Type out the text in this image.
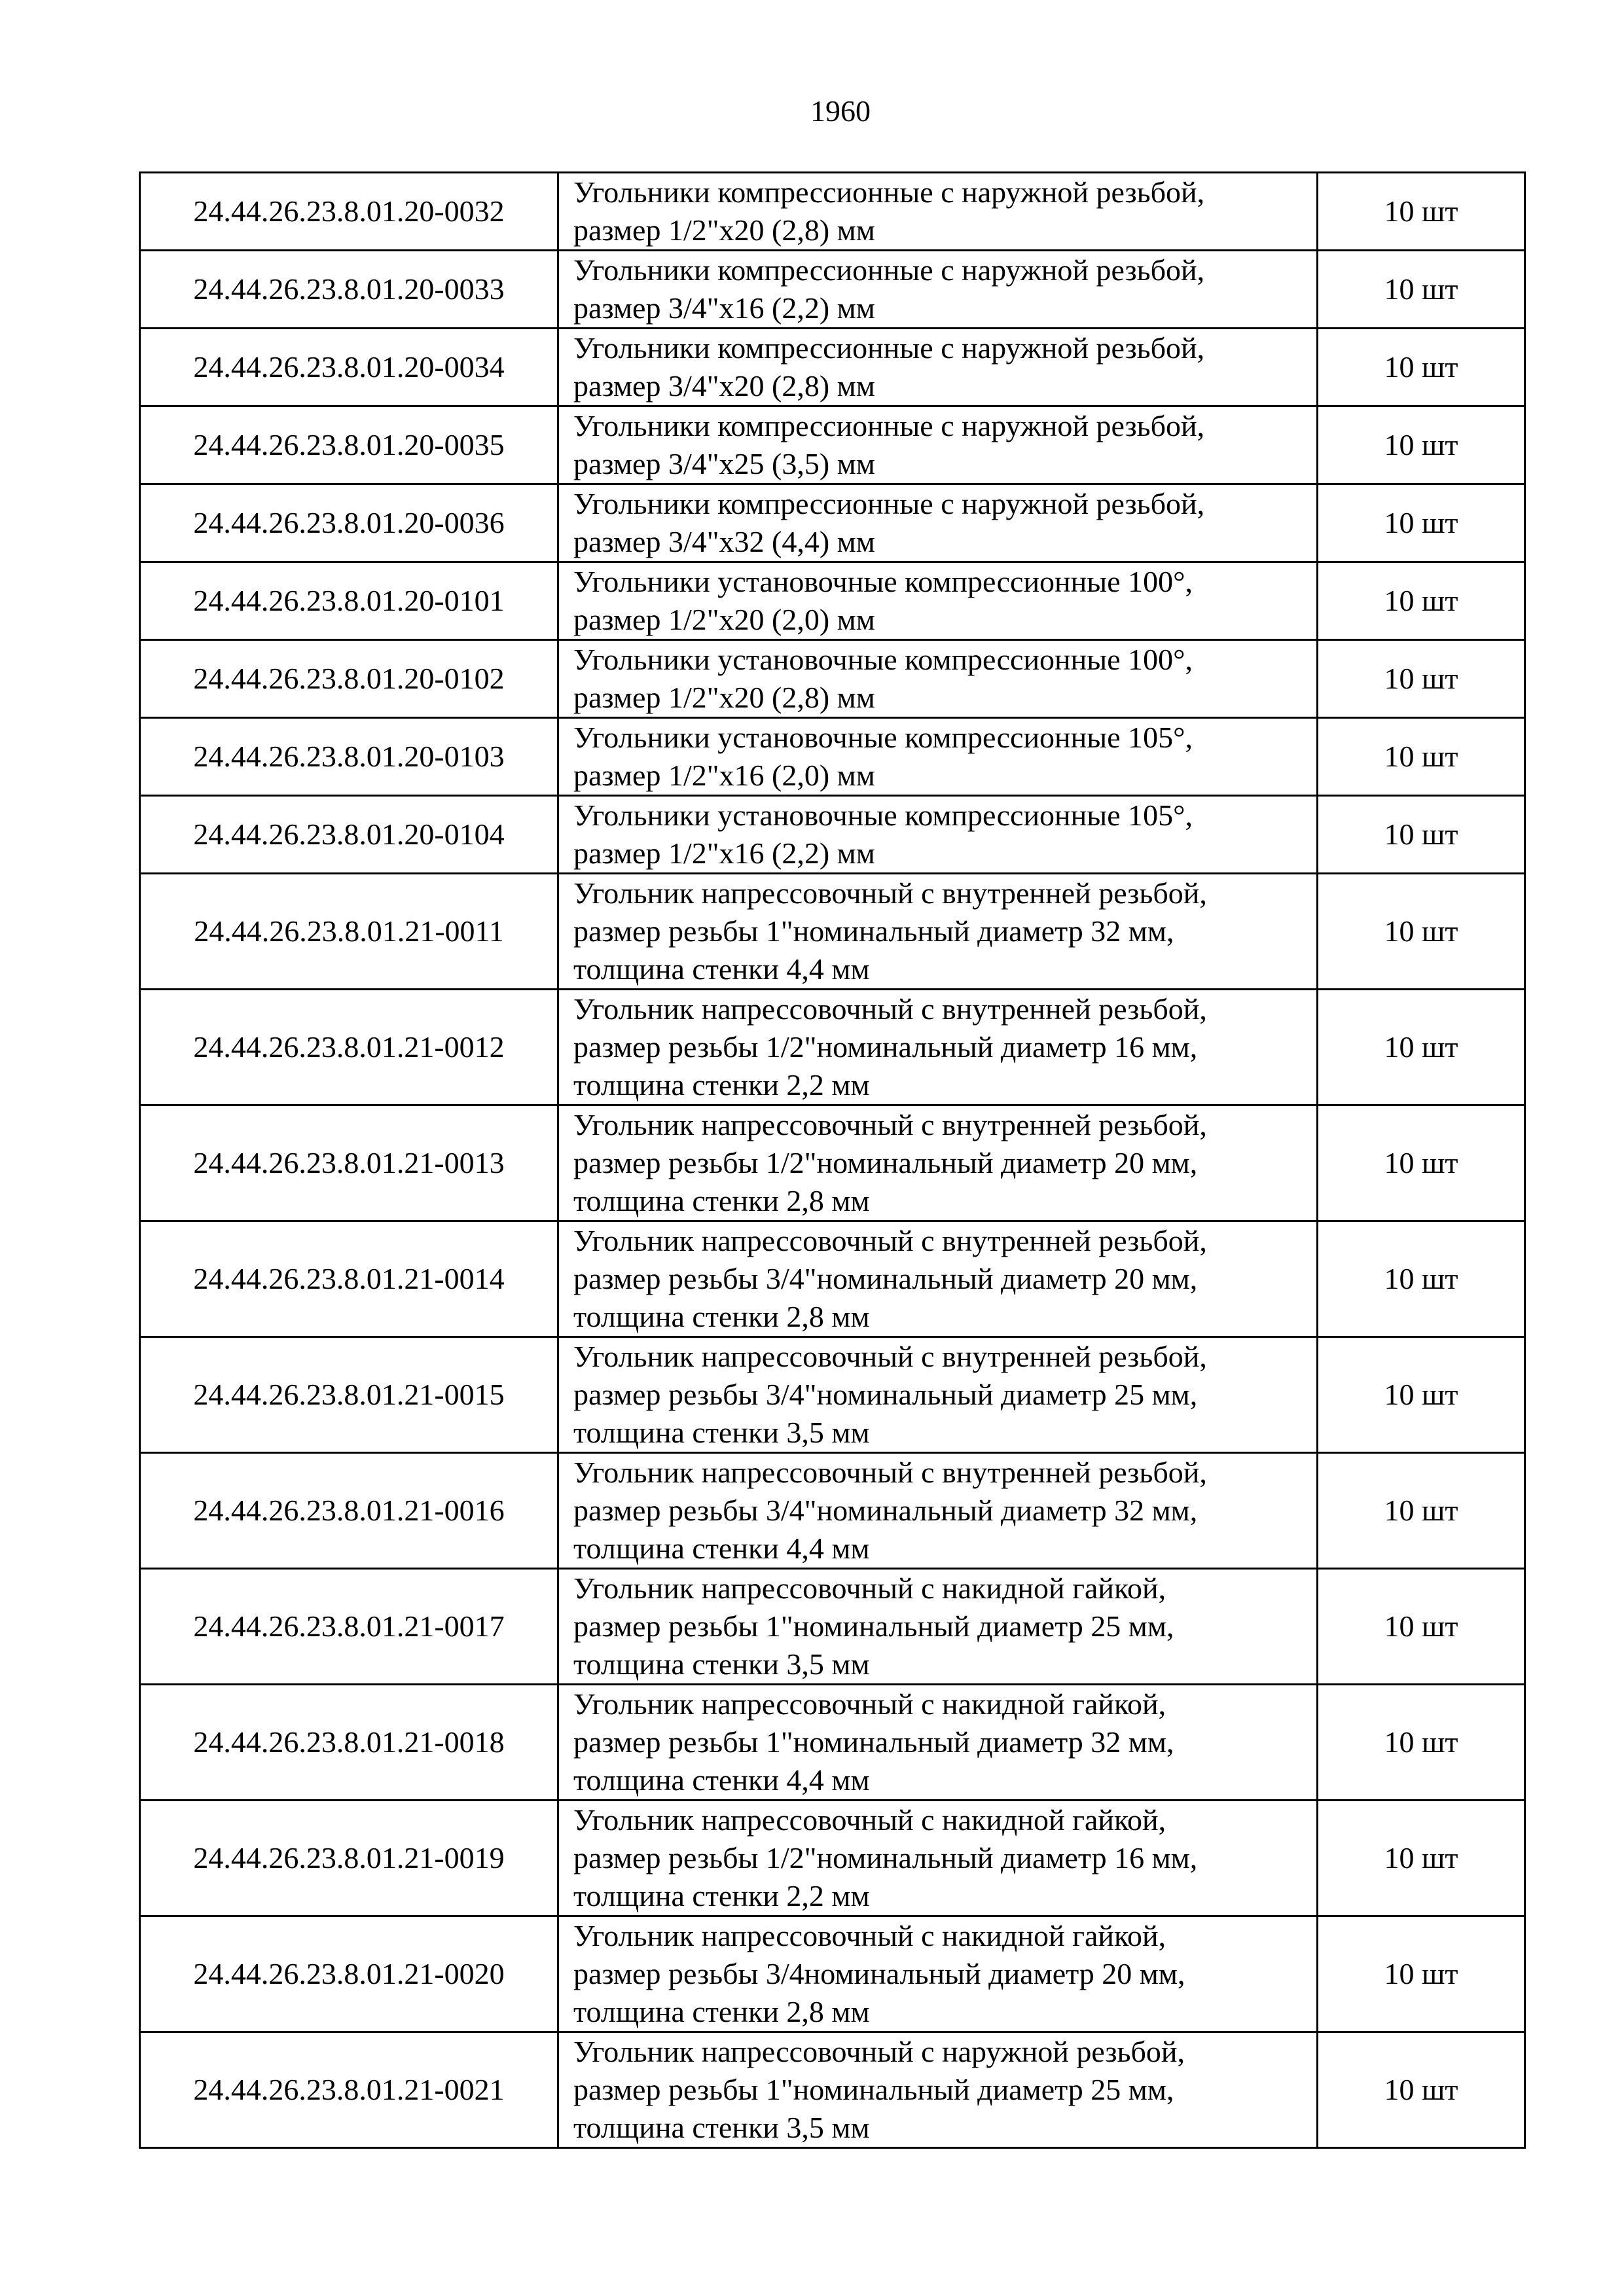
1960
24.44.26.23.8.01.20-0032	Угольники компрессионные с наружной резьбой,
размер 1/2"х20 (2,8) мм	10 шт
24.44.26.23.8.01.20-0033	Угольники компрессионные с наружной резьбой,
размер 3/4"х16 (2,2) мм	10 шт
24.44.26.23.8.01.20-0034	Угольники компрессионные с наружной резьбой,
размер 3/4"х20 (2,8) мм	10 шт
24.44.26.23.8.01.20-0035	Угольники компрессионные с наружной резьбой,
размер 3/4"х25 (3,5) мм	10 шт
24.44.26.23.8.01.20-0036	Угольники компрессионные с наружной резьбой,
размер 3/4"х32 (4,4) мм	10 шт
24.44.26.23.8.01.20-0101	Угольники установочные компрессионные 100°,
размер 1/2"х20 (2,0) мм	10 шт
24.44.26.23.8.01.20-0102	Угольники установочные компрессионные 100°,
размер 1/2"х20 (2,8) мм	10 шт
24.44.26.23.8.01.20-0103	Угольники установочные компрессионные 105°,
размер 1/2"х16 (2,0) мм	10 шт
24.44.26.23.8.01.20-0104	Угольники установочные компрессионные 105°,
размер 1/2"х16 (2,2) мм	10 шт
24.44.26.23.8.01.21-0011	Угольник напрессовочный с внутренней резьбой,
размер резьбы 1"номинальный диаметр 32 мм,
толщина стенки 4,4 мм	10 шт
24.44.26.23.8.01.21-0012	Угольник напрессовочный с внутренней резьбой,
размер резьбы 1/2"номинальный диаметр 16 мм,
толщина стенки 2,2 мм	10 шт
24.44.26.23.8.01.21-0013	Угольник напрессовочный с внутренней резьбой,
размер резьбы 1/2"номинальный диаметр 20 мм,
толщина стенки 2,8 мм	10 шт
24.44.26.23.8.01.21-0014	Угольник напрессовочный с внутренней резьбой,
размер резьбы 3/4"номинальный диаметр 20 мм,
толщина стенки 2,8 мм	10 шт
24.44.26.23.8.01.21-0015	Угольник напрессовочный с внутренней резьбой,
размер резьбы 3/4"номинальный диаметр 25 мм,
толщина стенки 3,5 мм	10 шт
24.44.26.23.8.01.21-0016	Угольник напрессовочный с внутренней резьбой,
размер резьбы 3/4"номинальный диаметр 32 мм,
толщина стенки 4,4 мм	10 шт
24.44.26.23.8.01.21-0017	Угольник напрессовочный с накидной гайкой,
размер резьбы 1"номинальный диаметр 25 мм,
толщина стенки 3,5 мм	10 шт
24.44.26.23.8.01.21-0018	Угольник напрессовочный с накидной гайкой,
размер резьбы 1"номинальный диаметр 32 мм,
толщина стенки 4,4 мм	10 шт
24.44.26.23.8.01.21-0019	Угольник напрессовочный с накидной гайкой,
размер резьбы 1/2"номинальный диаметр 16 мм,
толщина стенки 2,2 мм	10 шт
24.44.26.23.8.01.21-0020	Угольник напрессовочный с накидной гайкой,
размер резьбы 3/4номинальный диаметр 20 мм,
толщина стенки 2,8 мм	10 шт
24.44.26.23.8.01.21-0021	Угольник напрессовочный с наружной резьбой,
размер резьбы 1"номинальный диаметр 25 мм,
толщина стенки 3,5 мм	10 шт
